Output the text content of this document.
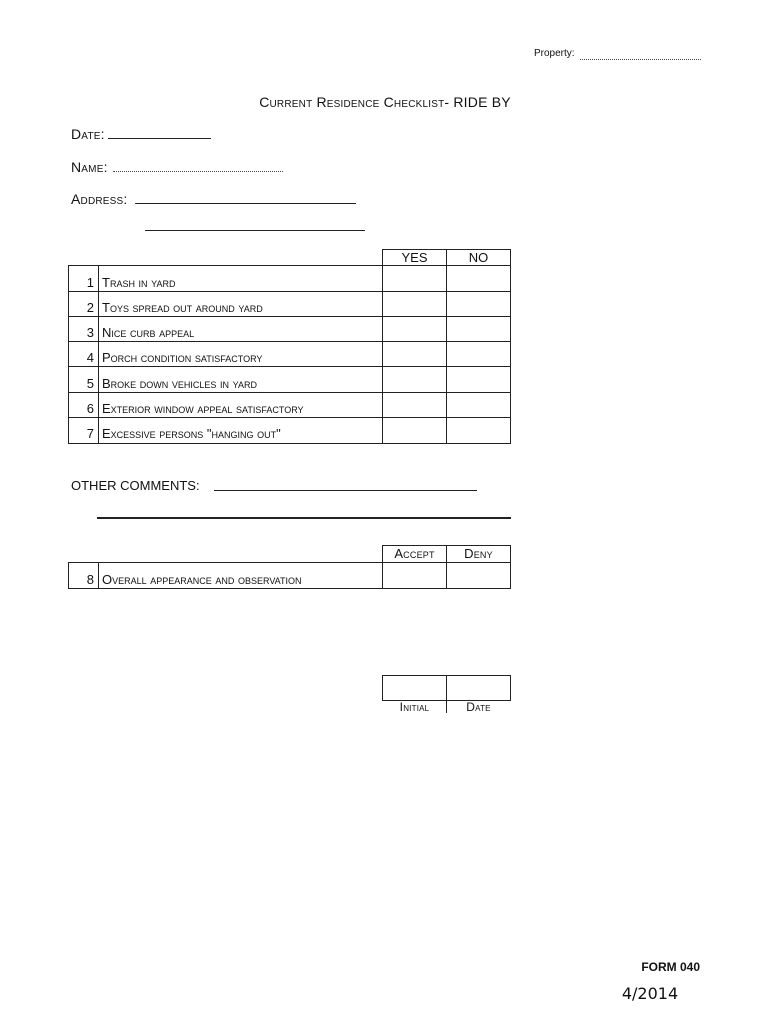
Property:
Current Residence Checklist- RIDE BY
Date:
Name:
Address:
YES	NO
1 Trash in yard
2 Toys spread out around yard
3 Nice curb appeal
4 Porch condition satisfactory
5 Broke down vehicles in yard
6 Exterior window appeal satisfactory
7 Excessive persons "hanging out"
OTHER COMMENTS:
Accept	Deny
8 Overall appearance and observation
Initial	Date
FORM 040
4/2014
